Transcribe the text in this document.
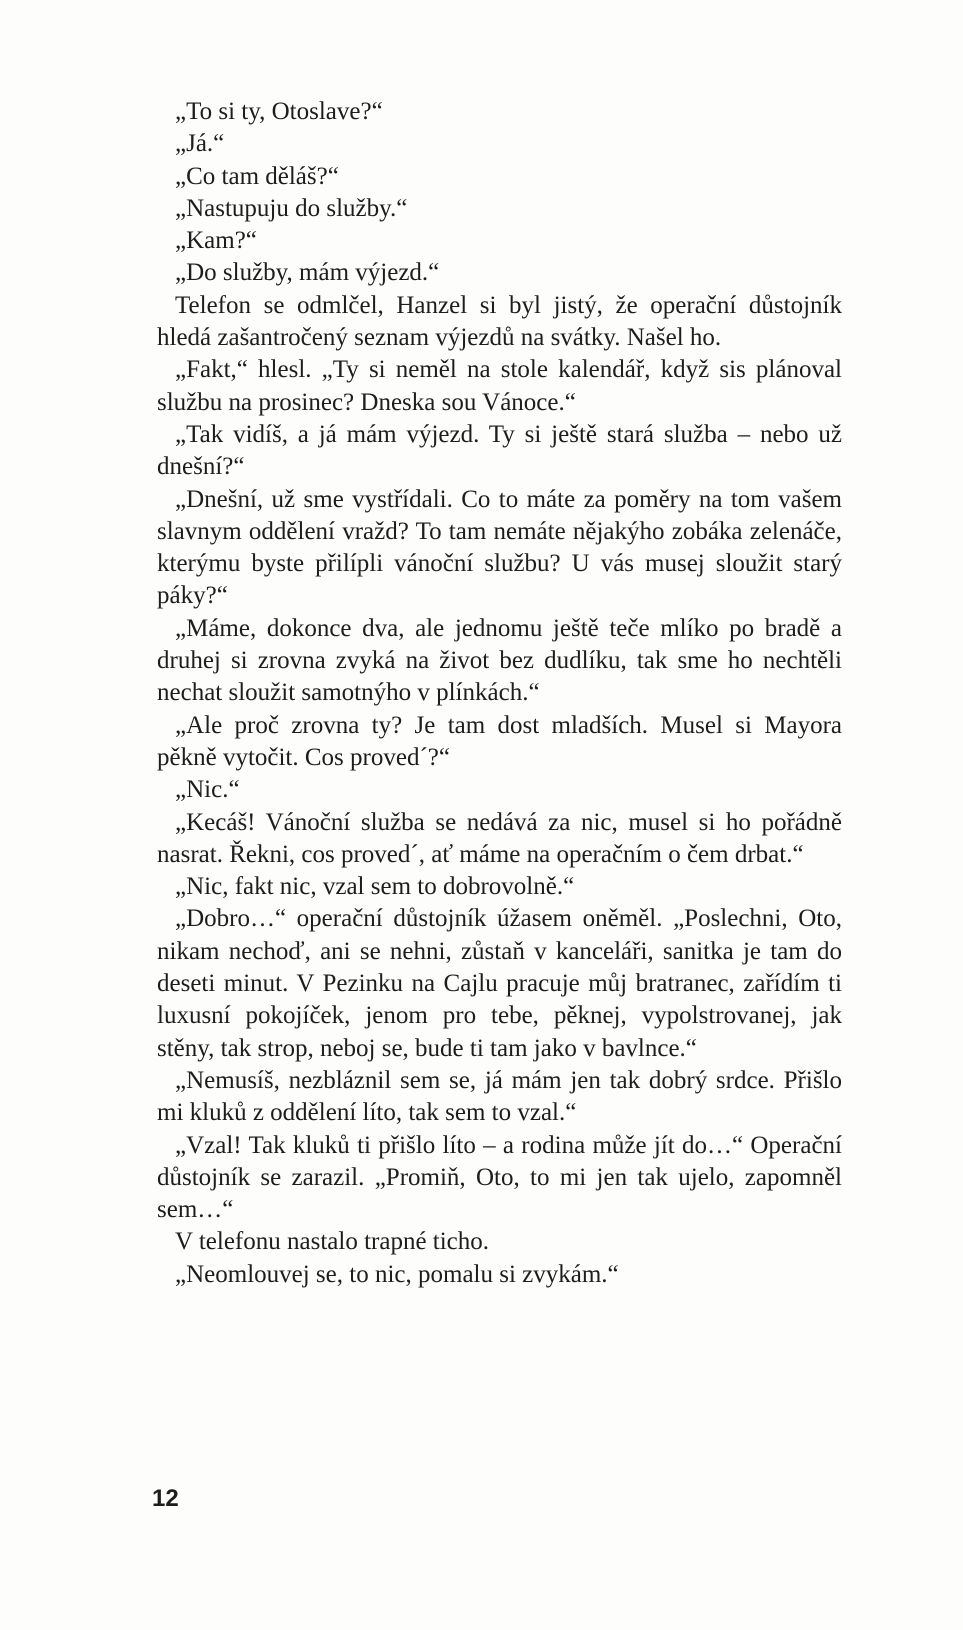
„To si ty, Otoslave?“

„Já.“

„Co tam děláš?“

„Nastupuju do služby.“

„Kam?“

„Do služby, mám výjezd.“

Telefon se odmlčel, Hanzel si byl jistý, že operační důstojník hledá zašantročený seznam výjezdů na svátky. Našel ho.

„Fakt,“ hlesl. „Ty si neměl na stole kalendář, když sis plánoval službu na prosinec? Dneska sou Vánoce.“

„Tak vidíš, a já mám výjezd. Ty si ještě stará služba – nebo už dnešní?“

„Dnešní, už sme vystřídali. Co to máte za poměry na tom vašem slavnym oddělení vražd? To tam nemáte nějakýho zobáka zelenáče, kterýmu byste přilípli vánoční službu? U vás musej sloužit starý páky?“

„Máme, dokonce dva, ale jednomu ještě teče mlíko po bradě a druhej si zrovna zvyká na život bez dudlíku, tak sme ho nechtěli nechat sloužit samotnýho v plínkách.“

„Ale proč zrovna ty? Je tam dost mladších. Musel si Mayora pěkně vytočit. Cos proved´?“

„Nic.“

„Kecáš! Vánoční služba se nedává za nic, musel si ho pořádně nasrat. Řekni, cos proved´, ať máme na operačním o čem drbat.“

„Nic, fakt nic, vzal sem to dobrovolně.“

„Dobro…“ operační důstojník úžasem oněměl. „Poslechni, Oto, nikam nechoď, ani se nehni, zůstaň v kanceláři, sanitka je tam do deseti minut. V Pezinku na Cajlu pracuje můj bratranec, zařídím ti luxusní pokojíček, jenom pro tebe, pěknej, vypolstrovanej, jak stěny, tak strop, neboj se, bude ti tam jako v bavlnce.“

„Nemusíš, nezbláznil sem se, já mám jen tak dobrý srdce. Přišlo mi kluků z oddělení líto, tak sem to vzal.“

„Vzal! Tak kluků ti přišlo líto – a rodina může jít do…“ Operační důstojník se zarazil. „Promiň, Oto, to mi jen tak ujelo, zapomněl sem…“

V telefonu nastalo trapné ticho.

„Neomlouvej se, to nic, pomalu si zvykám.“

12
